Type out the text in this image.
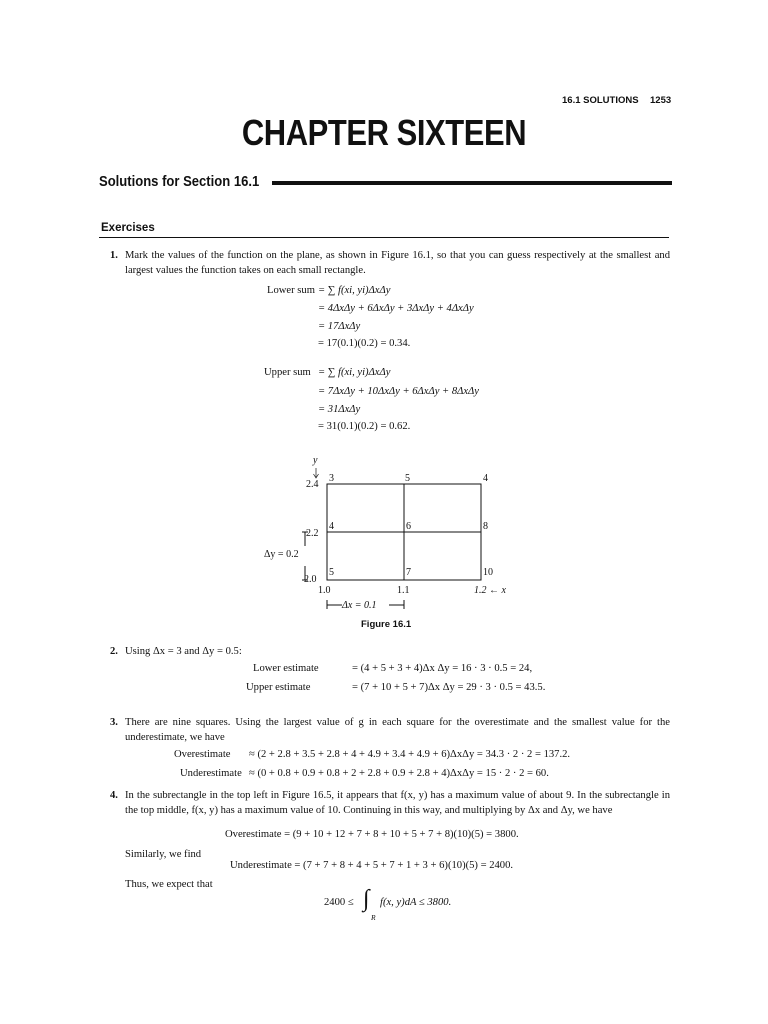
16.1 SOLUTIONS 1253
CHAPTER SIXTEEN
Solutions for Section 16.1
Exercises
1. Mark the values of the function on the plane, as shown in Figure 16.1, so that you can guess respectively at the smallest and largest values the function takes on each small rectangle.
Lower sum = ∑ f(xi, yi)ΔxΔy
= 4ΔxΔy + 6ΔxΔy + 3ΔxΔy + 4ΔxΔy
= 17ΔxΔy
= 17(0.1)(0.2) = 0.34.
Upper sum = ∑ f(xi, yi)ΔxΔy
= 7ΔxΔy + 10ΔxΔy + 6ΔxΔy + 8ΔxΔy
= 31ΔxΔy
= 31(0.1)(0.2) = 0.62.
y
2.4
2.2
2.0
Δy = 0.2
3	5	4
4	6	8
5	7	10
1.0	1.1	1.2 ← x
Δx = 0.1
Figure 16.1
2. Using Δx = 3 and Δy = 0.5:
Lower estimate	= (4 + 5 + 3 + 4)Δx Δy = 16 · 3 · 0.5 = 24,
Upper estimate	= (7 + 10 + 5 + 7)Δx Δy = 29 · 3 · 0.5 = 43.5.
3. There are nine squares. Using the largest value of g in each square for the overestimate and the smallest value for the underestimate, we have
Overestimate ≈ (2 + 2.8 + 3.5 + 2.8 + 4 + 4.9 + 3.4 + 4.9 + 6)ΔxΔy = 34.3 · 2 · 2 = 137.2.
Underestimate ≈ (0 + 0.8 + 0.9 + 0.8 + 2 + 2.8 + 0.9 + 2.8 + 4)ΔxΔy = 15 · 2 · 2 = 60.
4. In the subrectangle in the top left in Figure 16.5, it appears that f(x, y) has a maximum value of about 9. In the subrectangle in the top middle, f(x, y) has a maximum value of 10. Continuing in this way, and multiplying by Δx and Δy, we have
Overestimate = (9 + 10 + 12 + 7 + 8 + 10 + 5 + 7 + 8)(10)(5) = 3800.
Similarly, we find
Underestimate = (7 + 7 + 8 + 4 + 5 + 7 + 1 + 3 + 6)(10)(5) = 2400.
Thus, we expect that
2400 ≤ ∫
R
f(x, y)dA ≤ 3800.
